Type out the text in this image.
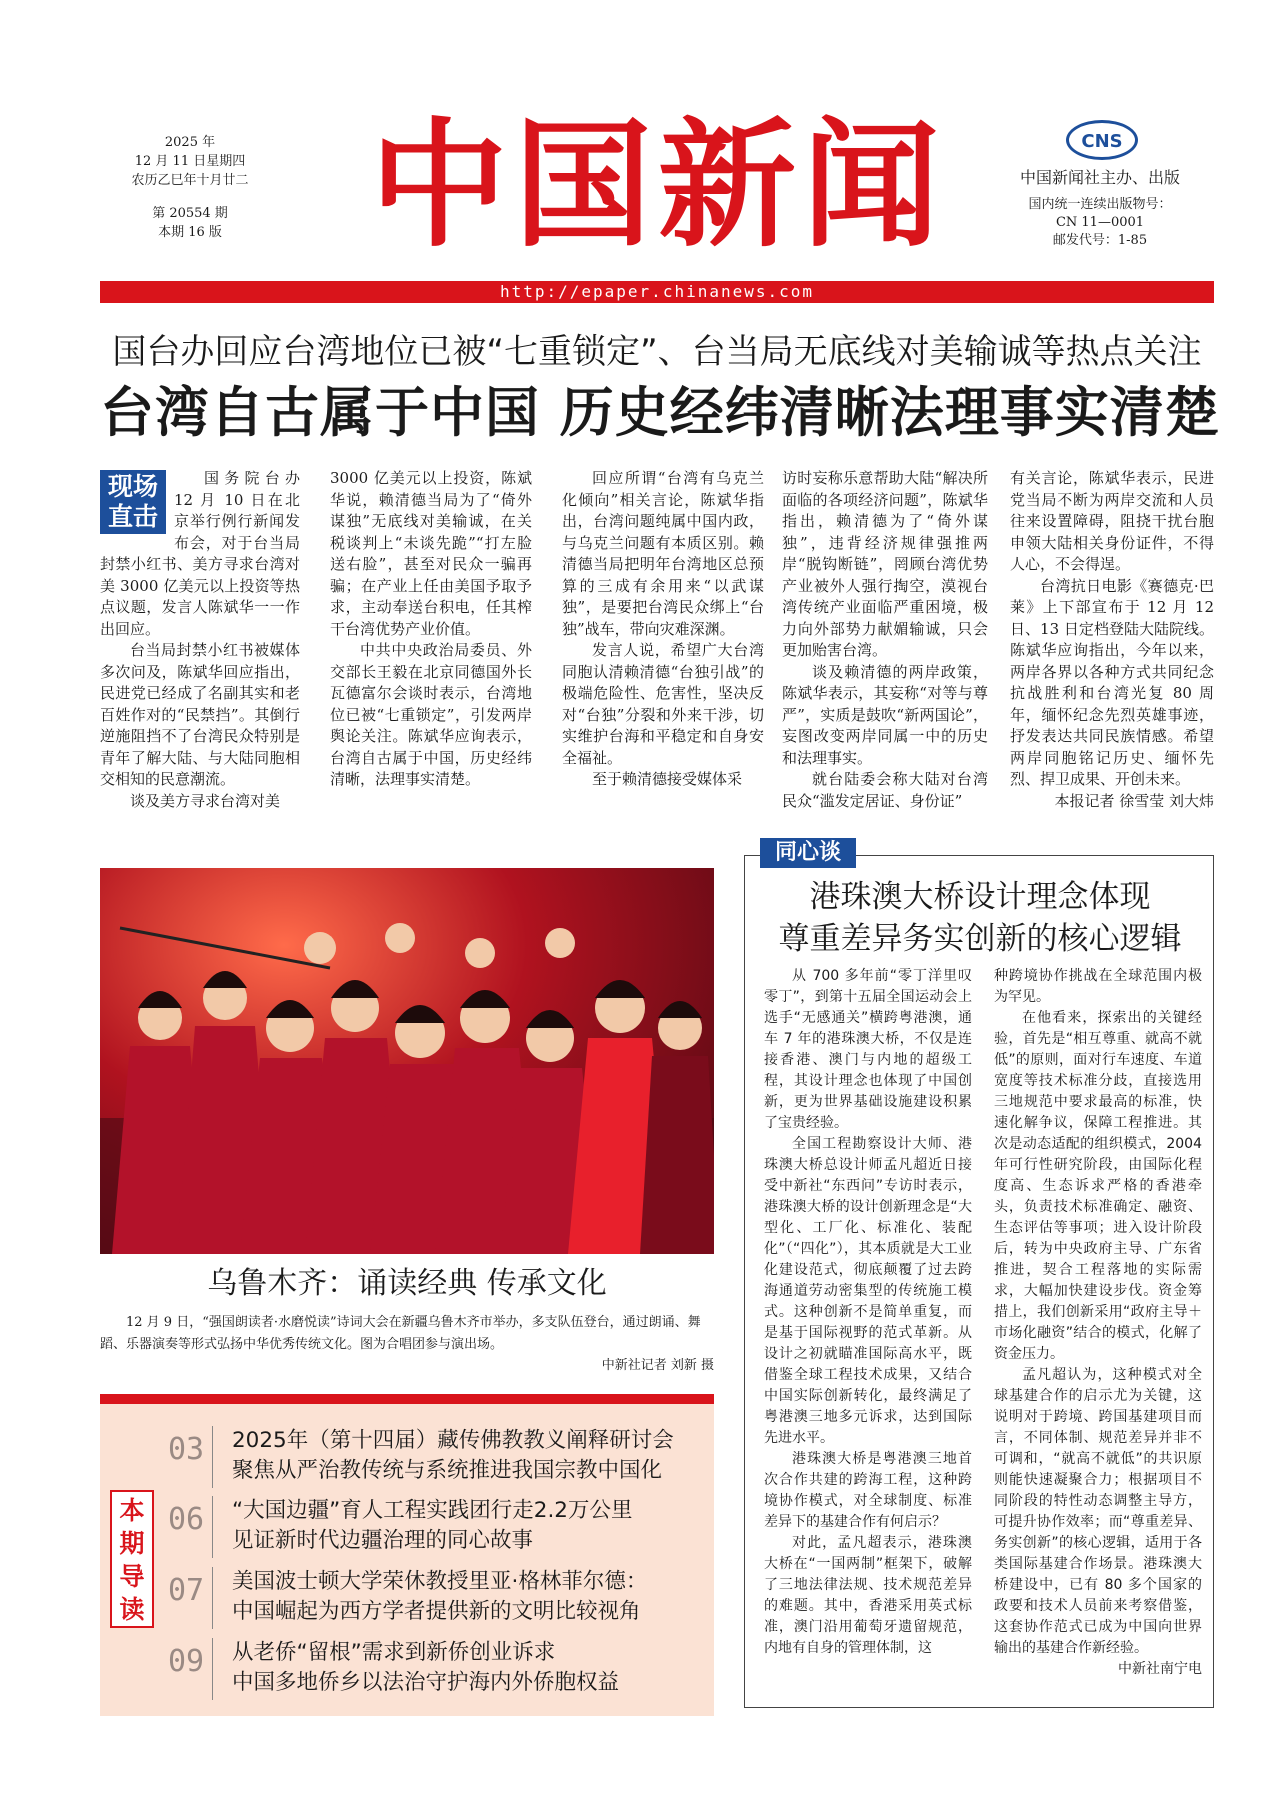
2025 年
12 月 11 日星期四
农历乙巳年十月廿二
第 20554 期
本期 16 版 中国新闻	CNS
中国新闻社主办、出版
国内统一连续出版物号：
CN 11—0001
邮发代号：1-85
http://epaper.chinanews.com
国台办回应台湾地位已被“七重锁定”、台当局无底线对美输诚等热点关注
台湾自古属于中国 历史经纬清晰法理事实清楚
现场
直击

国务院台办 12 月 10 日在北京举行例行新闻发布会，对于台当局封禁小红书、美方寻求台湾对美 3000 亿美元以上投资等热点议题，发言人陈斌华一一作出回应。

台当局封禁小红书被媒体多次问及，陈斌华回应指出，民进党已经成了名副其实和老百姓作对的“民禁挡”。其倒行逆施阻挡不了台湾民众特别是青年了解大陆、与大陆同胞相交相知的民意潮流。

谈及美方寻求台湾对美

3000 亿美元以上投资，陈斌华说，赖清德当局为了“倚外谋独”无底线对美输诚，在关税谈判上“未谈先跪”“打左脸送右脸”，甚至对民众一骗再骗；在产业上任由美国予取予求，主动奉送台积电，任其榨干台湾优势产业价值。

中共中央政治局委员、外交部长王毅在北京同德国外长瓦德富尔会谈时表示，台湾地位已被“七重锁定”，引发两岸舆论关注。陈斌华应询表示，台湾自古属于中国，历史经纬清晰，法理事实清楚。

回应所谓“台湾有乌克兰化倾向”相关言论，陈斌华指出，台湾问题纯属中国内政，与乌克兰问题有本质区别。赖清德当局把明年台湾地区总预算的三成有余用来“以武谋独”，是要把台湾民众绑上“台独”战车，带向灾难深渊。

发言人说，希望广大台湾同胞认清赖清德“台独引战”的极端危险性、危害性，坚决反对“台独”分裂和外来干涉，切实维护台海和平稳定和自身安全福祉。

至于赖清德接受媒体采

访时妄称乐意帮助大陆“解决所面临的各项经济问题”，陈斌华指出，赖清德为了“倚外谋独”，违背经济规律强推两岸“脱钩断链”，罔顾台湾优势产业被外人强行掏空，漠视台湾传统产业面临严重困境，极力向外部势力献媚输诚，只会更加贻害台湾。

谈及赖清德的两岸政策，陈斌华表示，其妄称“对等与尊严”，实质是鼓吹“新两国论”，妄图改变两岸同属一中的历史和法理事实。

就台陆委会称大陆对台湾民众“滥发定居证、身份证”

有关言论，陈斌华表示，民进党当局不断为两岸交流和人员往来设置障碍，阻挠干扰台胞申领大陆相关身份证件，不得人心，不会得逞。

台湾抗日电影《赛德克·巴莱》上下部宣布于 12 月 12 日、13 日定档登陆大陆院线。陈斌华应询指出，今年以来，两岸各界以各种方式共同纪念抗战胜利和台湾光复 80 周年，缅怀纪念先烈英雄事迹，抒发表达共同民族情感。希望两岸同胞铭记历史、缅怀先烈、捍卫成果、开创未来。

本报记者 徐雪莹 刘大炜

乌鲁木齐：诵读经典 传承文化
12 月 9 日，“强国朗读者·水磨悦读”诗词大会在新疆乌鲁木齐市举办，多支队伍登台，通过朗诵、舞蹈、乐器演奏等形式弘扬中华优秀传统文化。图为合唱团参与演出场。
中新社记者 刘新 摄
本
期
导
读
03 2025年（第十四届）藏传佛教教义阐释研讨会
聚焦从严治教传统与系统推进我国宗教中国化
06 “大国边疆”育人工程实践团行走2.2万公里
见证新时代边疆治理的同心故事
07 美国波士顿大学荣休教授里亚·格林菲尔德：
中国崛起为西方学者提供新的文明比较视角
09 从老侨“留根”需求到新侨创业诉求
中国多地侨乡以法治守护海内外侨胞权益
同心谈
港珠澳大桥设计理念体现
尊重差异务实创新的核心逻辑

从 700 多年前“零丁洋里叹零丁”，到第十五届全国运动会上选手“无感通关”横跨粤港澳，通车 7 年的港珠澳大桥，不仅是连接香港、澳门与内地的超级工程，其设计理念也体现了中国创新，更为世界基础设施建设积累了宝贵经验。

全国工程勘察设计大师、港珠澳大桥总设计师孟凡超近日接受中新社“东西问”专访时表示，港珠澳大桥的设计创新理念是“大型化、工厂化、标准化、装配化”（“四化”），其本质就是大工业化建设范式，彻底颠覆了过去跨海通道劳动密集型的传统施工模式。这种创新不是简单重复，而是基于国际视野的范式革新。从设计之初就瞄准国际高水平，既借鉴全球工程技术成果，又结合中国实际创新转化，最终满足了粤港澳三地多元诉求，达到国际先进水平。

港珠澳大桥是粤港澳三地首次合作共建的跨海工程，这种跨境协作模式，对全球制度、标准差异下的基建合作有何启示？

对此，孟凡超表示，港珠澳大桥在“一国两制”框架下，破解了三地法律法规、技术规范差异的难题。其中，香港采用英式标准，澳门沿用葡萄牙遗留规范，内地有自身的管理体制，这

种跨境协作挑战在全球范围内极为罕见。

在他看来，探索出的关键经验，首先是“相互尊重、就高不就低”的原则，面对行车速度、车道宽度等技术标准分歧，直接选用三地规范中要求最高的标准，快速化解争议，保障工程推进。其次是动态适配的组织模式，2004 年可行性研究阶段，由国际化程度高、生态诉求严格的香港牵头，负责技术标准确定、融资、生态评估等事项；进入设计阶段后，转为中央政府主导、广东省推进，契合工程落地的实际需求，大幅加快建设步伐。资金筹措上，我们创新采用“政府主导＋市场化融资”结合的模式，化解了资金压力。

孟凡超认为，这种模式对全球基建合作的启示尤为关键，这说明对于跨境、跨国基建项目而言，不同体制、规范差异并非不可调和，“就高不就低”的共识原则能快速凝聚合力；根据项目不同阶段的特性动态调整主导方，可提升协作效率；而“尊重差异、务实创新”的核心逻辑，适用于各类国际基建合作场景。港珠澳大桥建设中，已有 80 多个国家的政要和技术人员前来考察借鉴，这套协作范式已成为中国向世界输出的基建合作新经验。

中新社南宁电
